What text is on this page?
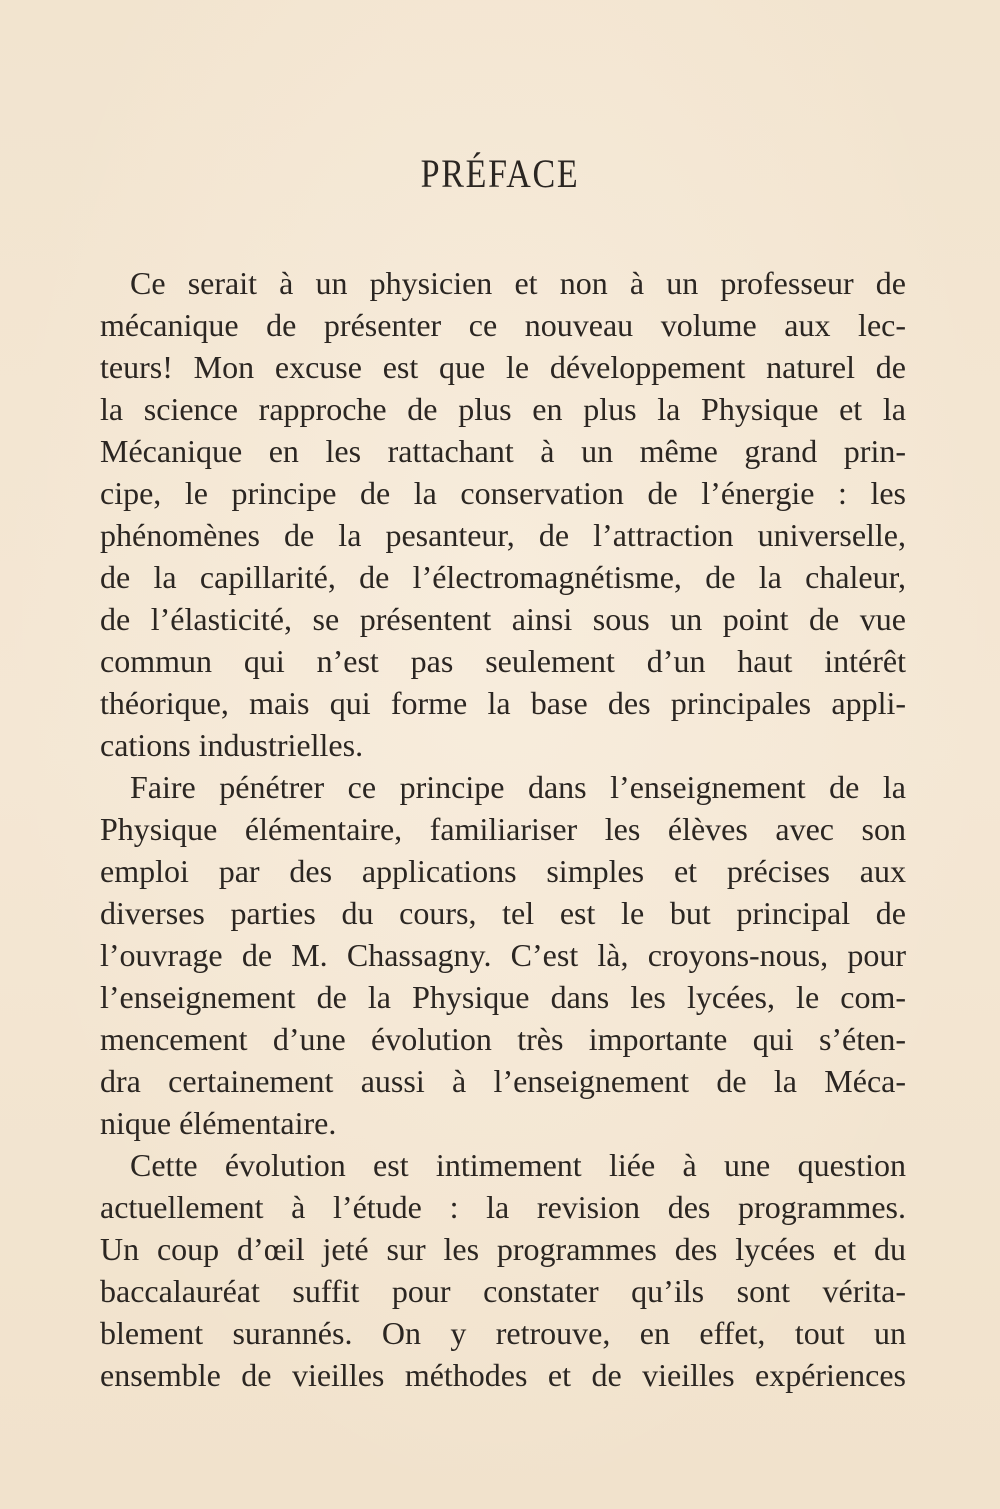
PRÉFACE
Ce serait à un physicien et non à un professeur de
mécanique de présenter ce nouveau volume aux lec-
teurs! Mon excuse est que le développement naturel de
la science rapproche de plus en plus la Physique et la
Mécanique en les rattachant à un même grand prin-
cipe, le principe de la conservation de l’énergie : les
phénomènes de la pesanteur, de l’attraction universelle,
de la capillarité, de l’électromagnétisme, de la chaleur,
de l’élasticité, se présentent ainsi sous un point de vue
commun qui n’est pas seulement d’un haut intérêt
théorique, mais qui forme la base des principales appli-
cations industrielles.
Faire pénétrer ce principe dans l’enseignement de la
Physique élémentaire, familiariser les élèves avec son
emploi par des applications simples et précises aux
diverses parties du cours, tel est le but principal de
l’ouvrage de M. Chassagny. C’est là, croyons-nous, pour
l’enseignement de la Physique dans les lycées, le com-
mencement d’une évolution très importante qui s’éten-
dra certainement aussi à l’enseignement de la Méca-
nique élémentaire.
Cette évolution est intimement liée à une question
actuellement à l’étude : la revision des programmes.
Un coup d’œil jeté sur les programmes des lycées et du
baccalauréat suffit pour constater qu’ils sont vérita-
blement surannés. On y retrouve, en effet, tout un
ensemble de vieilles méthodes et de vieilles expériences
